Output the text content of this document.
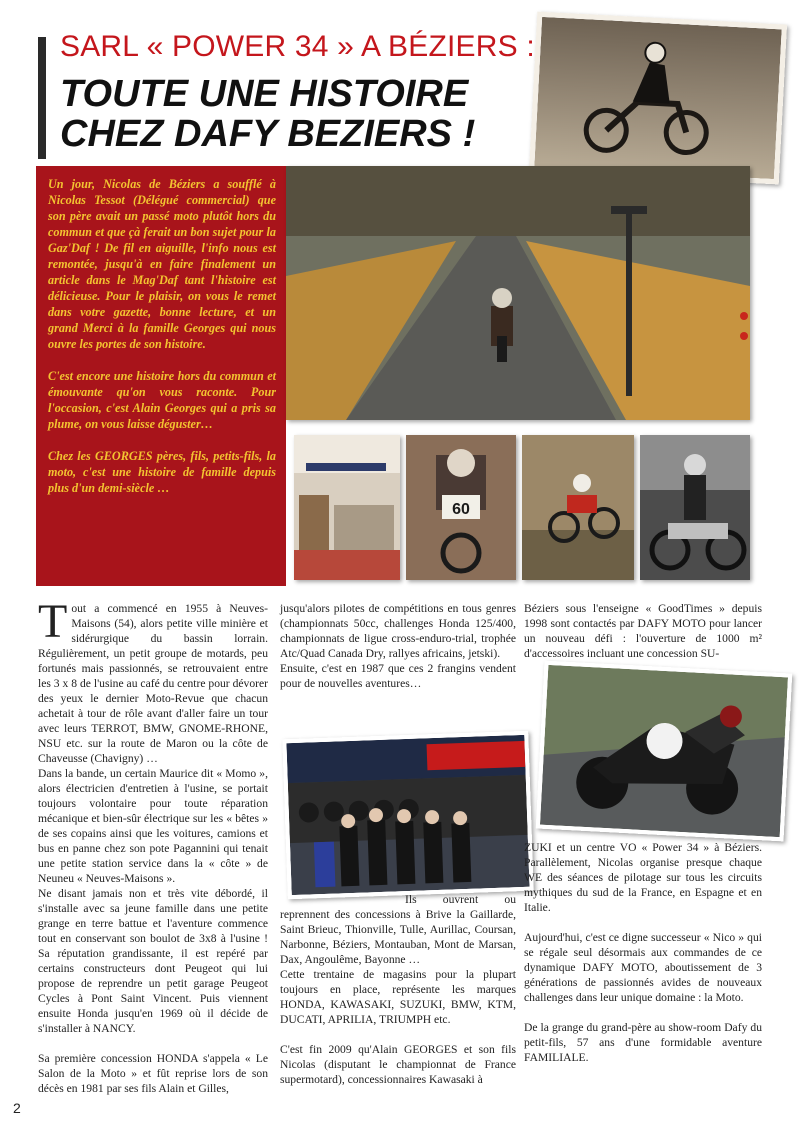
SARL « POWER 34 » A BÉZIERS :
TOUTE UNE HISTOIRE
CHEZ DAFY BEZIERS !

Un jour, Nicolas de Béziers a soufflé à Nicolas Tessot (Délégué commercial) que son père avait un passé moto plutôt hors du commun et que çà ferait un bon sujet pour la Gaz'Daf ! De fil en aiguille, l'info nous est remontée, jusqu'à en faire finalement un article dans le Mag'Daf tant l'histoire est délicieuse. Pour le plaisir, on vous le remet dans votre gazette, bonne lecture, et un grand Merci à la famille Georges qui nous ouvre les portes de son histoire.

C'est encore une histoire hors du commun et émouvante qu'on vous raconte. Pour l'occasion, c'est Alain Georges qui a pris sa plume, on vous laisse déguster…

Chez les GEORGES pères, fils, petits-fils, la moto, c'est une histoire de famille depuis plus d'un demi-siècle …

60

T out a commencé en 1955 à Neuves-Maisons (54), alors petite ville minière et sidérurgique du bassin lorrain. Régulièrement, un petit groupe de motards, peu fortunés mais passionnés, se retrouvaient entre les 3 x 8 de l'usine au café du centre pour dévorer des yeux le dernier Moto-Revue que chacun achetait à tour de rôle avant d'aller faire un tour avec leurs TERROT, BMW, GNOME-RHONE, NSU etc. sur la route de Maron ou la côte de Chaveusse (Chavigny) …

Dans la bande, un certain Maurice dit « Momo », alors électricien d'entretien à l'usine, se portait toujours volontaire pour toute réparation mécanique et bien-sûr électrique sur les « bêtes » de ses copains ainsi que les voitures, camions et bus en panne chez son pote Pagannini qui tenait une petite station service dans la « côte » de Neuneu « Neuves-Maisons ».

Ne disant jamais non et très vite débordé, il s'installe avec sa jeune famille dans une petite grange en terre battue et l'aventure commence tout en conservant son boulot de 3x8 à l'usine ! Sa réputation grandissante, il est repéré par certains constructeurs dont Peugeot qui lui propose de reprendre un petit garage Peugeot Cycles à Pont Saint Vincent. Puis viennent ensuite Honda jusqu'en 1969 où il décide de s'installer à NANCY.

Sa première concession HONDA s'appela « Le Salon de la Moto » et fût reprise lors de son décès en 1981 par ses fils Alain et Gilles,

jusqu'alors pilotes de compétitions en tous genres (championnats 50cc, challenges Honda 125/400, championnats de ligue cross-enduro-trial, trophée Atc/Quad Canada Dry, rallyes africains, jetski).

Ensuite, c'est en 1987 que ces 2 frangins vendent pour de nouvelles aventures…

Ils ouvrent ou reprennent des concessions à Brive la Gaillarde, Saint Brieuc, Thionville, Tulle, Aurillac, Coursan, Narbonne, Béziers, Montauban, Mont de Marsan, Dax, Angoulême, Bayonne …

Cette trentaine de magasins pour la plupart toujours en place, représente les marques HONDA, KAWASAKI, SUZUKI, BMW, KTM, DUCATI, APRILIA, TRIUMPH etc.

C'est fin 2009 qu'Alain GEORGES et son fils Nicolas (disputant le championnat de France supermotard), concessionnaires Kawasaki à

Béziers sous l'enseigne « GoodTimes » depuis 1998 sont contactés par DAFY MOTO pour lancer un nouveau défi : l'ouverture de 1000 m² d'accessoires incluant une concession SU-

ZUKI et un centre VO « Power 34 » à Béziers. Parallèlement, Nicolas organise presque chaque WE des séances de pilotage sur tous les circuits mythiques du sud de la France, en Espagne et en Italie.

Aujourd'hui, c'est ce digne successeur « Nico » qui se régale seul désormais aux commandes de ce dynamique DAFY MOTO, aboutissement de 3 générations de passionnés avides de nouveaux challenges dans leur unique domaine : la Moto.

De la grange du grand-père au show-room Dafy du petit-fils, 57 ans d'une formidable aventure FAMILIALE.

2
